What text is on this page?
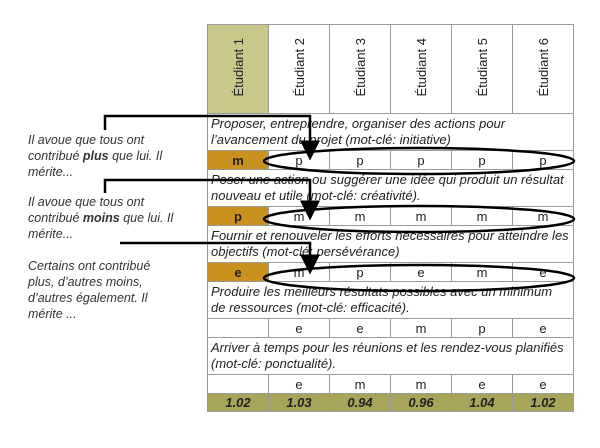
Étudiant 1	Étudiant 2	Étudiant 3	Étudiant 4	Étudiant 5	Étudiant 6
Proposer, entreprendre, organiser des actions pour l’avancement du projet (mot-clé: initiative)					
m	p	p	p	p	p
Poser une action ou suggérer une idée qui produit un résultat nouveau et utile (mot-clé: créativité).					
p	m	m	m	m	m
Fournir et renouveler les efforts nécessaires pour atteindre les objectifs (mot-clé: persévérance)					
e	m	p	e	m	e
Produire les meilleurs résultats possibles avec un minimum de ressources (mot-clé: efficacité).					
	e	e	m	p	e
Arriver à temps pour les réunions et les rendez-vous planifiés (mot-clé: ponctualité).					
	e	m	m	e	e
1.02	1.03	0.94	0.96	1.04	1.02
Il avoue que tous ont contribué plus que lui. Il mérite...
Il avoue que tous ont contribué moins que lui. Il mérite...
Certains ont contribué plus, d’autres moins, d’autres également. Il mérite ...
